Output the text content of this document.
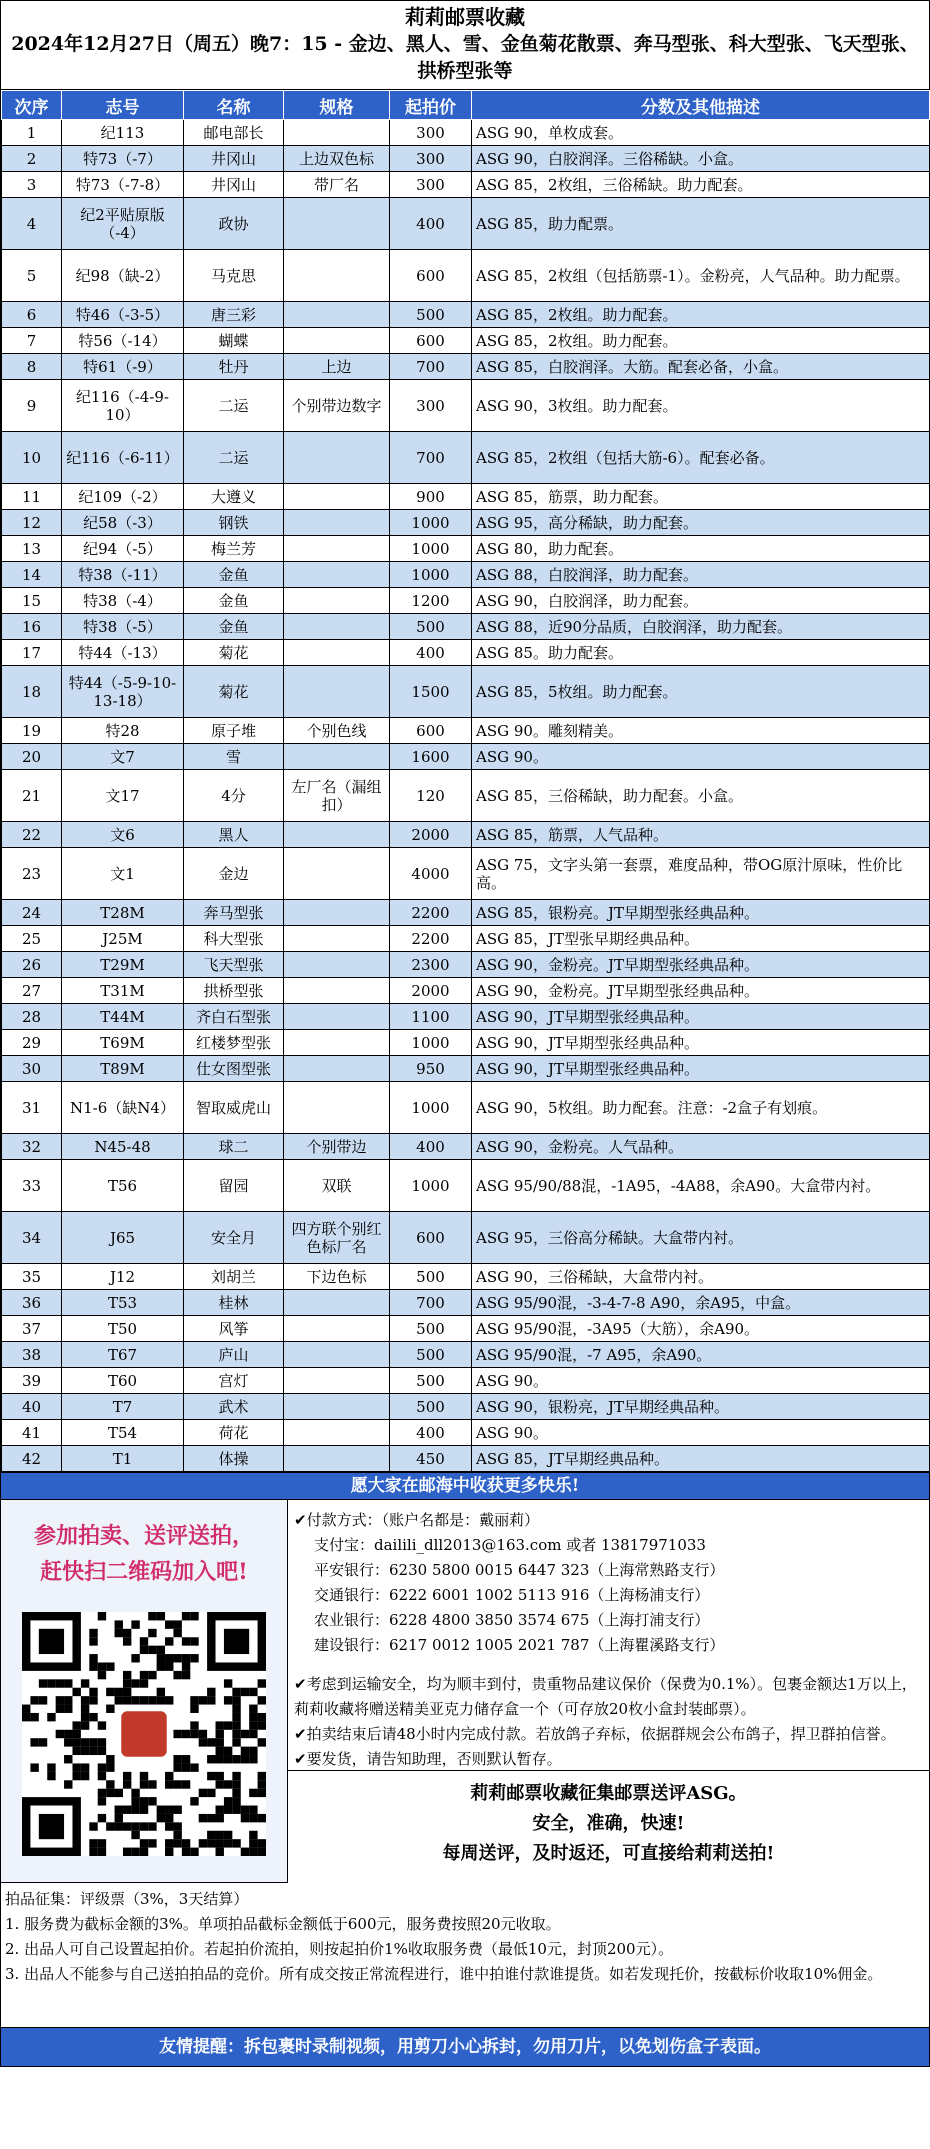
莉莉邮票收藏
2024年12月27日（周五）晚7：15 - 金边、黑人、雪、金鱼菊花散票、奔马型张、科大型张、飞天型张、拱桥型张等
次序	志号	名称	规格	起拍价	分数及其他描述
1	纪113	邮电部长		300	ASG 90，单枚成套。
2	特73（-7）	井冈山	上边双色标	300	ASG 90，白胶润泽。三俗稀缺。小盒。
3	特73（-7-8）	井冈山	带厂名	300	ASG 85，2枚组，三俗稀缺。助力配套。
4	纪2平贴原版（-4）	政协		400	ASG 85，助力配票。
5	纪98（缺-2）	马克思		600	ASG 85，2枚组（包括筋票-1）。金粉亮，人气品种。助力配票。
6	特46（-3-5）	唐三彩		500	ASG 85，2枚组。助力配套。
7	特56（-14）	蝴蝶		600	ASG 85，2枚组。助力配套。
8	特61（-9）	牡丹	上边	700	ASG 85，白胶润泽。大筋。配套必备，小盒。
9	纪116（-4-9-10）	二运	个别带边数字	300	ASG 90，3枚组。助力配套。
10	纪116（-6-11）	二运		700	ASG 85，2枚组（包括大筋-6）。配套必备。
11	纪109（-2）	大遵义		900	ASG 85，筋票，助力配套。
12	纪58（-3）	钢铁		1000	ASG 95，高分稀缺，助力配套。
13	纪94（-5）	梅兰芳		1000	ASG 80，助力配套。
14	特38（-11）	金鱼		1000	ASG 88，白胶润泽，助力配套。
15	特38（-4）	金鱼		1200	ASG 90，白胶润泽，助力配套。
16	特38（-5）	金鱼		500	ASG 88，近90分品质，白胶润泽，助力配套。
17	特44（-13）	菊花		400	ASG 85。助力配套。
18	特44（-5-9-10-13-18）	菊花		1500	ASG 85，5枚组。助力配套。
19	特28	原子堆	个别色线	600	ASG 90。雕刻精美。
20	文7	雪		1600	ASG 90。
21	文17	4分	左厂名（漏组扣）	120	ASG 85，三俗稀缺，助力配套。小盒。
22	文6	黑人		2000	ASG 85，筋票，人气品种。
23	文1	金边		4000	ASG 75，文字头第一套票，难度品种，带OG原汁原味，性价比高。
24	T28M	奔马型张		2200	ASG 85，银粉亮。JT早期型张经典品种。
25	J25M	科大型张		2200	ASG 85，JT型张早期经典品种。
26	T29M	飞天型张		2300	ASG 90，金粉亮。JT早期型张经典品种。
27	T31M	拱桥型张		2000	ASG 90，金粉亮。JT早期型张经典品种。
28	T44M	齐白石型张		1100	ASG 90，JT早期型张经典品种。
29	T69M	红楼梦型张		1000	ASG 90，JT早期型张经典品种。
30	T89M	仕女图型张		950	ASG 90，JT早期型张经典品种。
31	N1-6（缺N4）	智取威虎山		1000	ASG 90，5枚组。助力配套。注意：-2盒子有划痕。
32	N45-48	球二	个别带边	400	ASG 90，金粉亮。人气品种。
33	T56	留园	双联	1000	ASG 95/90/88混，-1A95，-4A88，余A90。大盒带内衬。
34	J65	安全月	四方联个别红色标厂名	600	ASG 95，三俗高分稀缺。大盒带内衬。
35	J12	刘胡兰	下边色标	500	ASG 90，三俗稀缺，大盒带内衬。
36	T53	桂林		700	ASG 95/90混，-3-4-7-8 A90，余A95，中盒。
37	T50	风筝		500	ASG 95/90混，-3A95（大筋），余A90。
38	T67	庐山		500	ASG 95/90混，-7 A95，余A90。
39	T60	宫灯		500	ASG 90。
40	T7	武术		500	ASG 90，银粉亮，JT早期经典品种。
41	T54	荷花		400	ASG 90。
42	T1	体操		450	ASG 85，JT早期经典品种。
愿大家在邮海中收获更多快乐!
参加拍卖、送评送拍，
赶快扫二维码加入吧!
✔付款方式：（账户名都是：戴丽莉）
支付宝：dailili_dll2013@163.com 或者 13817971033
平安银行：6230 5800 0015 6447 323（上海常熟路支行）
交通银行：6222 6001 1002 5113 916（上海杨浦支行）
农业银行：6228 4800 3850 3574 675（上海打浦支行）
建设银行：6217 0012 1005 2021 787（上海瞿溪路支行）
✔考虑到运输安全，均为顺丰到付，贵重物品建议保价（保费为0.1%）。包裹金额达1万以上，莉莉收藏将赠送精美亚克力储存盒一个（可存放20枚小盒封装邮票）。
✔拍卖结束后请48小时内完成付款。若放鸽子弃标，依据群规会公布鸽子，捍卫群拍信誉。
✔要发货，请告知助理，否则默认暂存。
莉莉邮票收藏征集邮票送评ASG。
安全，准确，快速!
每周送评，及时返还，可直接给莉莉送拍!
拍品征集：评级票（3%，3天结算）
1. 服务费为截标金额的3%。单项拍品截标金额低于600元，服务费按照20元收取。
2. 出品人可自己设置起拍价。若起拍价流拍，则按起拍价1%收取服务费（最低10元，封顶200元）。
3. 出品人不能参与自己送拍拍品的竞价。所有成交按正常流程进行，谁中拍谁付款谁提货。如若发现托价，按截标价收取10%佣金。
友情提醒：拆包裹时录制视频，用剪刀小心拆封，勿用刀片，以免划伤盒子表面。
